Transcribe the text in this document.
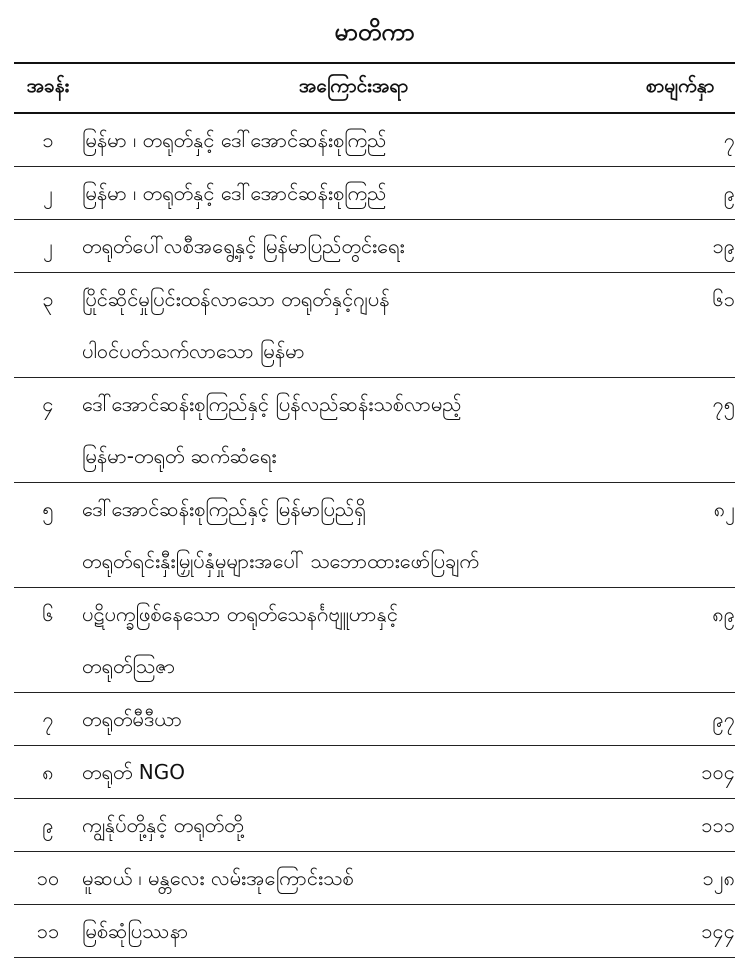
မာတိကာ
အခန်း	အကြောင်းအရာ	စာမျက်နှာ

၁	မြန်မာ ၊ တရုတ်နှင့် ဒေါ်အောင်ဆန်းစုကြည်	၇

၂	မြန်မာ ၊ တရုတ်နှင့် ဒေါ်အောင်ဆန်းစုကြည်	၉

၂	တရုတ်ပေါ်လစီအရွေ့နှင့် မြန်မာပြည်တွင်းရေး	၁၉

၃	ပြိုင်ဆိုင်မှုပြင်းထန်လာသော တရုတ်နှင့်ဂျပန်
ပါဝင်ပတ်သက်လာသော မြန်မာ	၆၁

၄	ဒေါ်အောင်ဆန်းစုကြည်နှင့် ပြန်လည်ဆန်းသစ်လာမည့်
မြန်မာ-တရုတ် ဆက်ဆံရေး	၇၅

၅	ဒေါ်အောင်ဆန်းစုကြည်နှင့် မြန်မာပြည်ရှိ
တရုတ်ရင်းနှီးမြှုပ်နှံမှုများအပေါ် သဘောထားဖော်ပြချက်	၈၂

၆	ပဋိပက္ခဖြစ်နေသော တရုတ်သေနင်္ဂဗျူဟာနှင့်
တရုတ်သြဇာ	၈၉

၇	တရုတ်မီဒီယာ	၉၇

၈	တရုတ် NGO	၁၀၄

၉	ကျွန်ုပ်တို့နှင့် တရုတ်တို့	၁၁၁

၁၀	မူဆယ် ၊ မန္တလေး လမ်းအုကြောင်းသစ်	၁၂၈

၁၁	မြစ်ဆုံပြဿနာ	၁၄၄
